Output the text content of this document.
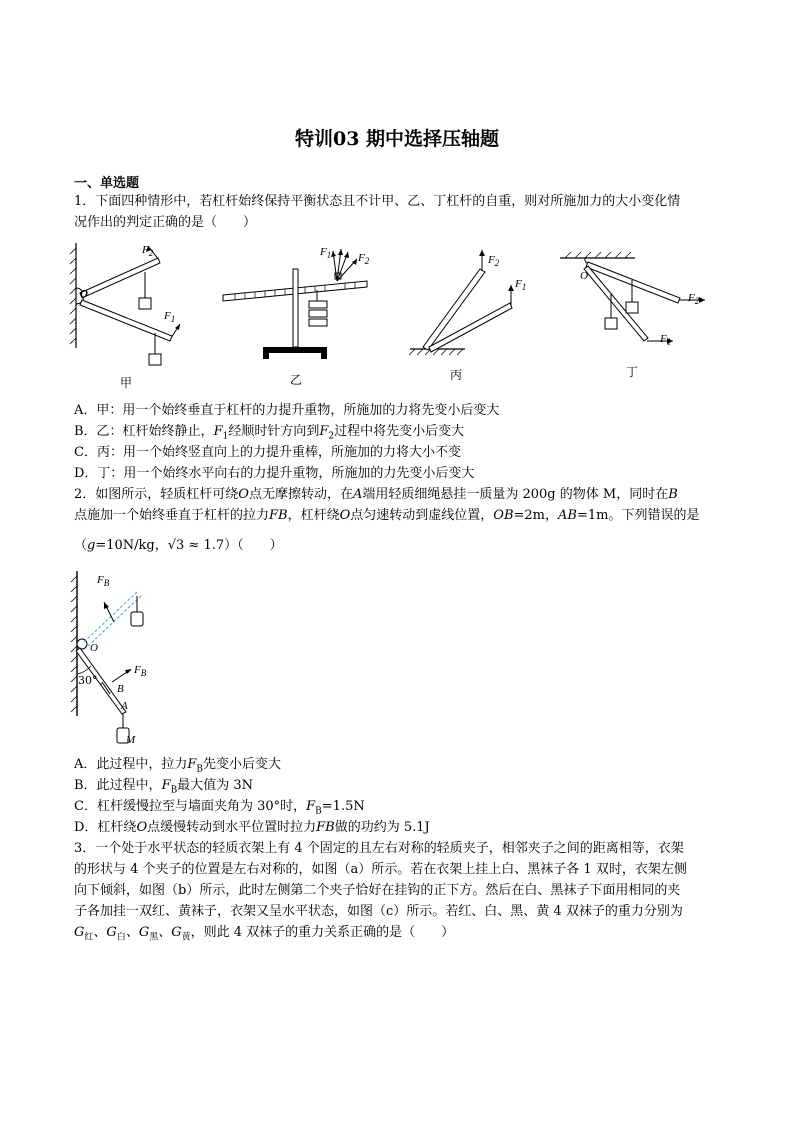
特训03 期中选择压轴题
一、单选题
1．下面四种情形中，若杠杆始终保持平衡状态且不计甲、乙、丁杠杆的自重，则对所施加力的大小变化情
况作出的判定正确的是（　　）
$F_2$
O
$F_1$
甲
$F_1$ $F_2$
乙
$F_2$
$F_1$
丙
O
$F_2$
$F_1$
丁
A．甲：用一个始终垂直于杠杆的力提升重物，所施加的力将先变小后变大
B．乙：杠杆始终静止，$F_1$经顺时针方向到$F_2$过程中将先变小后变大
C．丙：用一个始终竖直向上的力提升重棒，所施加的力将大小不变
D．丁：用一个始终水平向右的力提升重物，所施加的力先变小后变大
2．如图所示，轻质杠杆可绕O点无摩擦转动，在A端用轻质细绳悬挂一质量为 200g 的物体 M，同时在B
点施加一个始终垂直于杠杆的拉力FB，杠杆绕O点匀速转动到虚线位置，OB=2m，AB=1m。下列错误的是
（g=10N/kg，√3 ≈ 1.7）（　　）
$F_B$
O
$F_B$
30°
B
A
M
A．此过程中，拉力$F_B$先变小后变大
B．此过程中，$F_B$最大值为 3N
C．杠杆缓慢拉至与墙面夹角为 30°时，$F_B=1.5N$
D．杠杆绕O点缓慢转动到水平位置时拉力FB做的功约为 5.1J
3．一个处于水平状态的轻质衣架上有 4 个固定的且左右对称的轻质夹子，相邻夹子之间的距离相等，衣架
的形状与 4 个夹子的位置是左右对称的，如图（a）所示。若在衣架上挂上白、黑袜子各 1 双时，衣架左侧
向下倾斜，如图（b）所示，此时左侧第二个夹子恰好在挂钩的正下方。然后在白、黑袜子下面用相同的夹
子各加挂一双红、黄袜子，衣架又呈水平状态，如图（c）所示。若红、白、黑、黄 4 双袜子的重力分别为
$G_红$、$G_白$、$G_黑$、$G_黄$，则此 4 双袜子的重力关系正确的是（　　）
